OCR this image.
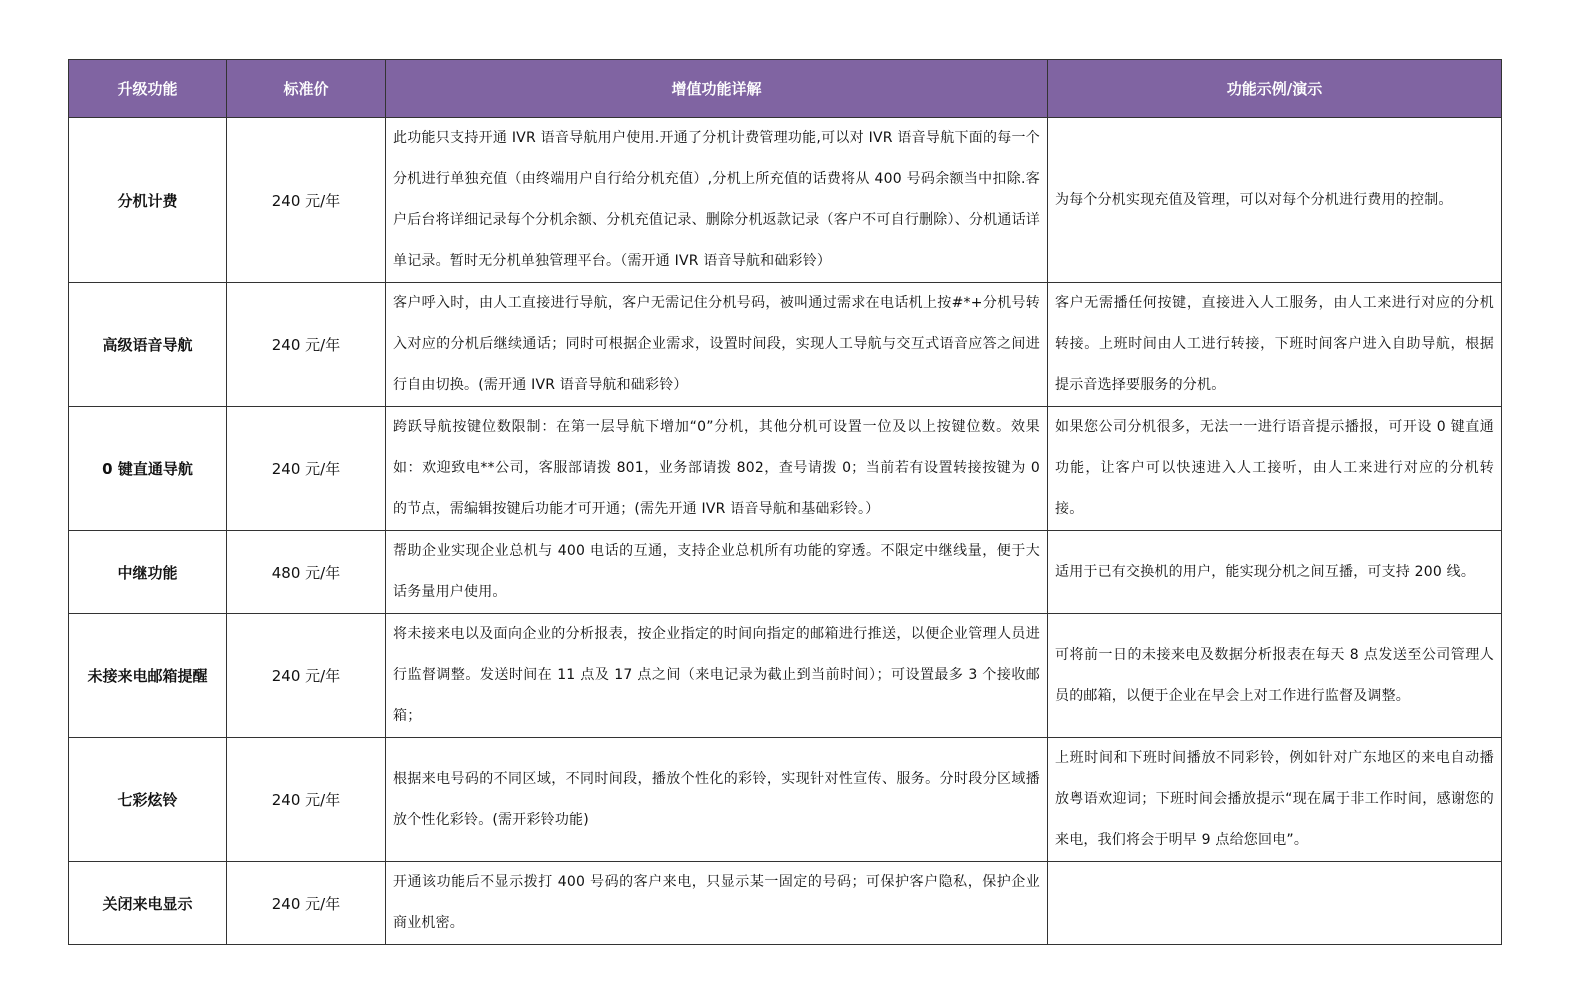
升级功能	标准价	增值功能详解	功能示例/演示
分机计费	240 元/年	此功能只支持开通 IVR 语音导航用户使用.开通了分机计费管理功能,可以对 IVR 语音导航下面的每一个分机进行单独充值（由终端用户自行给分机充值）,分机上所充值的话费将从 400 号码余额当中扣除.客户后台将详细记录每个分机余额、分机充值记录、删除分机返款记录（客户不可自行删除）、分机通话详单记录。暂时无分机单独管理平台。（需开通 IVR 语音导航和础彩铃）	为每个分机实现充值及管理，可以对每个分机进行费用的控制。
高级语音导航	240 元/年	客户呼入时，由人工直接进行导航，客户无需记住分机号码，被叫通过需求在电话机上按#*+分机号转入对应的分机后继续通话；同时可根据企业需求，设置时间段，实现人工导航与交互式语音应答之间进行自由切换。(需开通 IVR 语音导航和础彩铃）	客户无需播任何按键，直接进入人工服务，由人工来进行对应的分机转接。上班时间由人工进行转接，下班时间客户进入自助导航，根据提示音选择要服务的分机。
0 键直通导航	240 元/年	跨跃导航按键位数限制：在第一层导航下增加“0”分机，其他分机可设置一位及以上按键位数。效果如：欢迎致电**公司，客服部请拨 801，业务部请拨 802，查号请拨 0；当前若有设置转接按键为 0 的节点，需编辑按键后功能才可开通；(需先开通 IVR 语音导航和基础彩铃。）	如果您公司分机很多，无法一一进行语音提示播报，可开设 0 键直通功能，让客户可以快速进入人工接听，由人工来进行对应的分机转接。
中继功能	480 元/年	帮助企业实现企业总机与 400 电话的互通，支持企业总机所有功能的穿透。不限定中继线量，便于大话务量用户使用。	适用于已有交换机的用户，能实现分机之间互播，可支持 200 线。
未接来电邮箱提醒	240 元/年	将未接来电以及面向企业的分析报表，按企业指定的时间向指定的邮箱进行推送，以便企业管理人员进行监督调整。发送时间在 11 点及 17 点之间（来电记录为截止到当前时间）；可设置最多 3 个接收邮箱；	可将前一日的未接来电及数据分析报表在每天 8 点发送至公司管理人员的邮箱，以便于企业在早会上对工作进行监督及调整。
七彩炫铃	240 元/年	根据来电号码的不同区域，不同时间段，播放个性化的彩铃，实现针对性宣传、服务。分时段分区域播放个性化彩铃。(需开彩铃功能)	上班时间和下班时间播放不同彩铃，例如针对广东地区的来电自动播放粤语欢迎词；下班时间会播放提示“现在属于非工作时间，感谢您的来电，我们将会于明早 9 点给您回电”。
关闭来电显示	240 元/年	开通该功能后不显示拨打 400 号码的客户来电，只显示某一固定的号码；可保护客户隐私，保护企业商业机密。	
